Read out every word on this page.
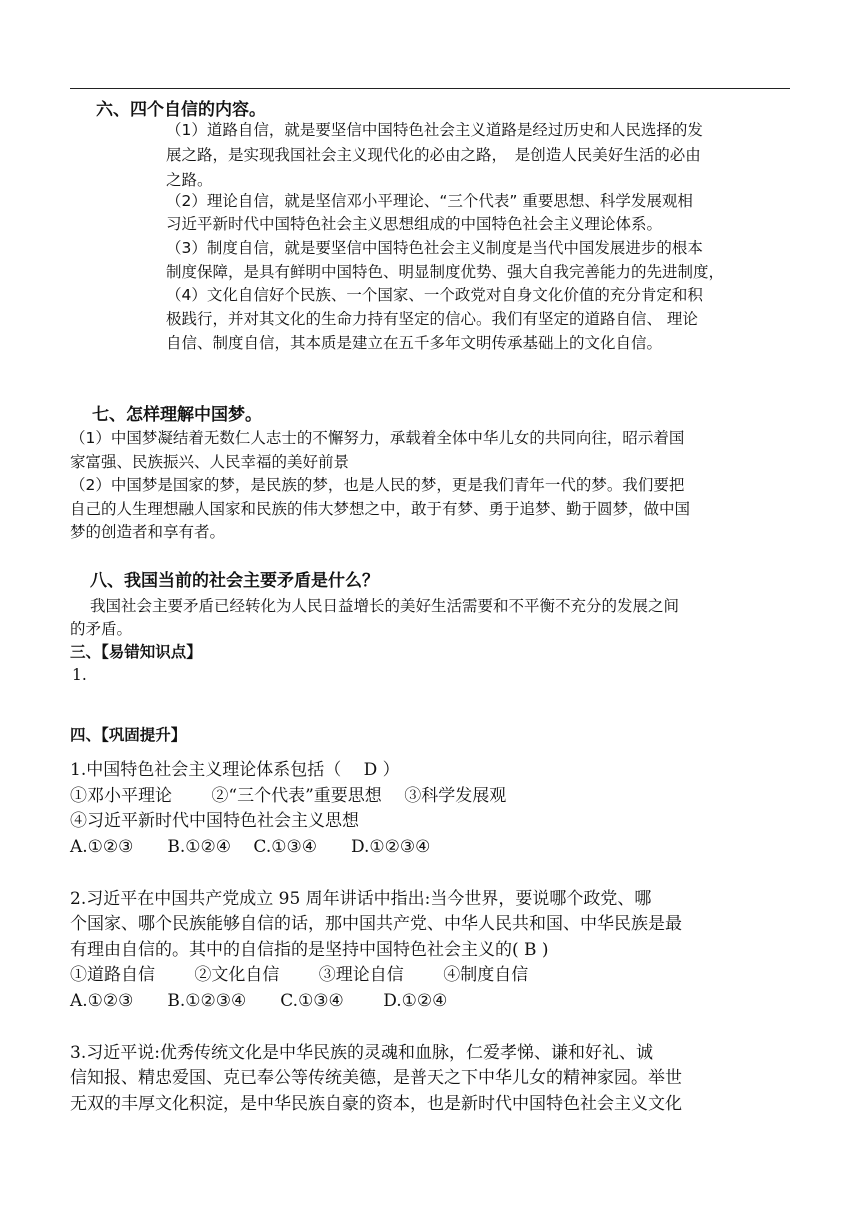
六、四个自信的内容。
（1）道路自信，就是要坚信中国特色社会主义道路是经过历史和人民选择的发
展之路，是实现我国社会主义现代化的必由之路，　是创造人民美好生活的必由
之路。
（2）理论自信，就是坚信邓小平理论、“三个代表” 重要思想、科学发展观相
习近平新时代中国特色社会主义思想组成的中国特色社会主义理论体系。
（3）制度自信，就是要坚信中国特色社会主义制度是当代中国发展进步的根本
制度保障，是具有鲜明中国特色、明显制度优势、强大自我完善能力的先进制度，
（4）文化自信好个民族、一个国家、一个政党对自身文化价值的充分肯定和积
极践行，并对其文化的生命力持有坚定的信心。我们有坚定的道路自信、 理论
自信、制度自信，其本质是建立在五千多年文明传承基础上的文化自信。
七、怎样理解中国梦。
（1）中国梦凝结着无数仁人志士的不懈努力，承载着全体中华儿女的共同向往，昭示着国
家富强、民族振兴、人民幸福的美好前景
（2）中国梦是国家的梦，是民族的梦，也是人民的梦，更是我们青年一代的梦。我们要把
自己的人生理想融人国家和民族的伟大梦想之中，敢于有梦、勇于追梦、勤于圆梦，做中国
梦的创造者和享有者。
八、我国当前的社会主要矛盾是什么？
我国社会主要矛盾已经转化为人民日益增长的美好生活需要和不平衡不充分的发展之间
的矛盾。
三、【易错知识点】
1.
四、【巩固提升】
1.中国特色社会主义理论体系包括（　 D ）
①邓小平理论　　 ②“三个代表”重要思想　 ③科学发展观
④习近平新时代中国特色社会主义思想
A.①②③　　B.①②④　 C.①③④　　D.①②③④
2.习近平在中国共产党成立 95 周年讲话中指出:当今世界，要说哪个政党、哪
个国家、哪个民族能够自信的话，那中国共产党、中华人民共和国、中华民族是最
有理由自信的。其中的自信指的是坚持中国特色社会主义的( B )
①道路自信　　 ②文化自信　　 ③理论自信　　 ④制度自信
A.①②③　　B.①②③④　　C.①③④　　 D.①②④
3.习近平说:优秀传统文化是中华民族的灵魂和血脉，仁爱孝悌、谦和好礼、诚
信知报、精忠爱国、克已奉公等传统美德，是普天之下中华儿女的精神家园。举世
无双的丰厚文化积淀，是中华民族自豪的资本，也是新时代中国特色社会主义文化
